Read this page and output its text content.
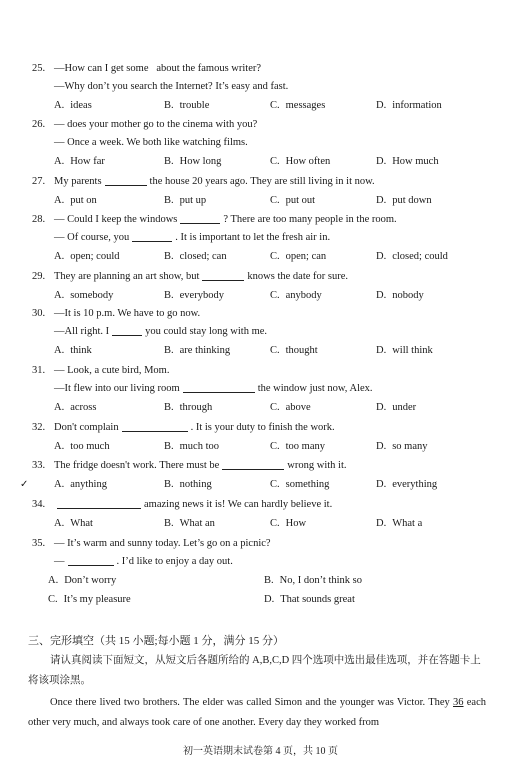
25. —How can I get some about the famous writer?
—Why don’t you search the Internet? It’s easy and fast.
A. ideas	B. trouble	C. messages	D. information
26. — does your mother go to the cinema with you?
— Once a week. We both like watching films.
A. How far	B. How long	C. How often	D. How much
27. My parents	the house 20 years ago. They are still living in it now.
A. put on	B. put up	C. put out	D. put down
28. — Could I keep the windows	? There are too many people in the room.
— Of course, you	. It is important to let the fresh air in.
A. open; could	B. closed; can	C. open; can	D. closed; could
29. They are planning an art show, but	knows the date for sure.
A. somebody	B. everybody	C. anybody	D. nobody
30. —It is 10 p.m. We have to go now.
—All right. I	you could stay long with me.
A. think	B. are thinking	C. thought	D. will think
31. — Look, a cute bird, Mom.
—It flew into our living room	the window just now, Alex.
A. across	B. through	C. above	D. under
32. Don't complain	. It is your duty to finish the work.
A. too much	B. much too	C. too many	D. so many
33. The fridge doesn't work. There must be	wrong with it.
✓ A. anything	B. nothing	C. something	D. everything
34.	amazing news it is! We can hardly believe it.
A. What	B. What an	C. How	D. What a
35. — It’s warm and sunny today. Let’s go on a picnic?
—	. I’d like to enjoy a day out.
A. Don’t worry	B. No, I don’t think so
C. It’s my pleasure	D. That sounds great
三、完形填空（共 15 小题;每小题 1 分，满分 15 分）
请认真阅读下面短文，从短文后各题所给的 A,B,C,D 四个选项中选出最佳选项，并在答题卡上将该项涂黑。
Once there lived two brothers. The elder was called Simon and the younger was Victor. They 36 each other very much, and always took care of one another. Every day they worked from
初一英语期末试卷第 4 页，共 10 页
